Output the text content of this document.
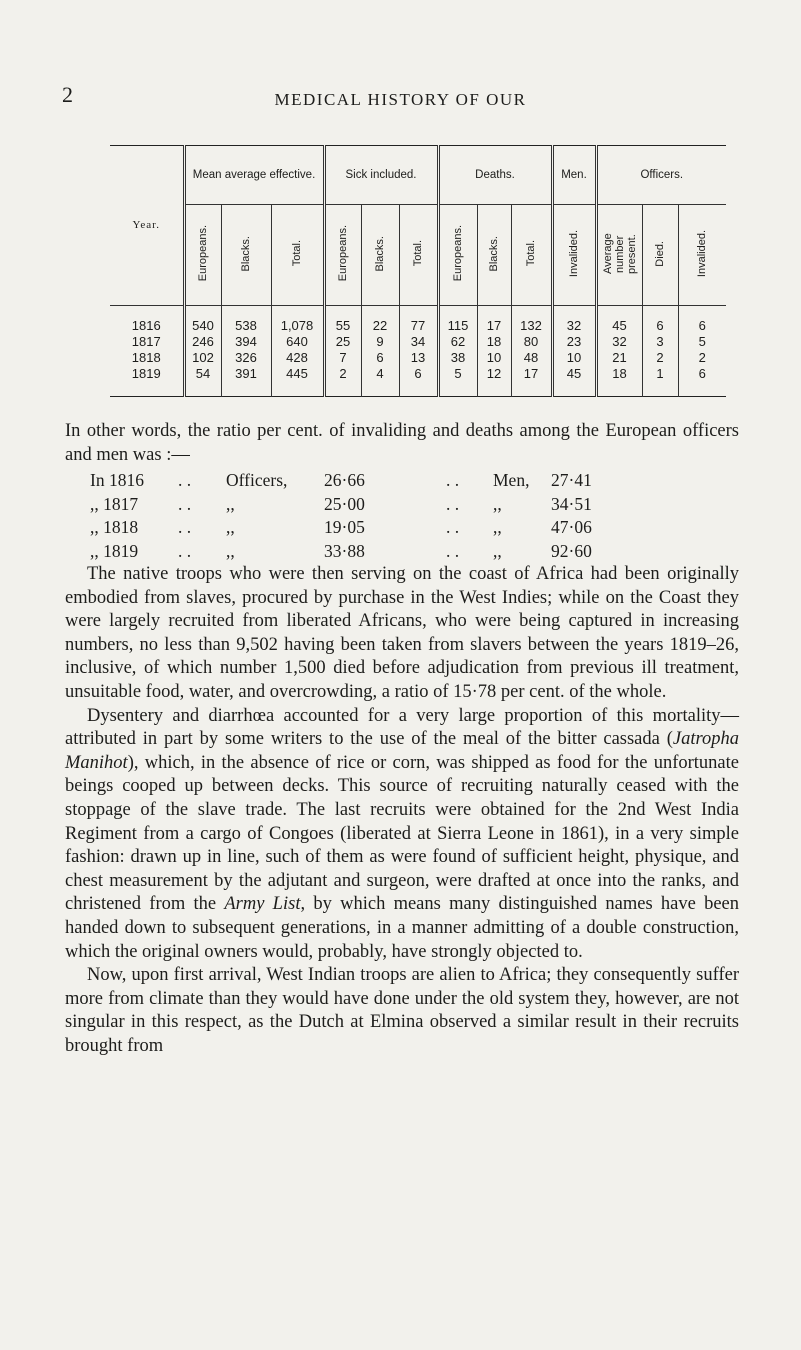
2	MEDICAL HISTORY OF OUR
Year.	Mean average effective.			Sick included.			Deaths.			Men.	Officers.		
	Europeans.	Blacks.	Total.	Europeans.	Blacks.	Total.	Europeans.	Blacks.	Total.	Invalided.	Average number present.	Died.	Invalided.
1816	540	538	1,078	55	22	77	115	17	132	32	45	6	6
1817	246	394	640	25	9	34	62	18	80	23	32	3	5
1818	102	326	428	7	6	13	38	10	48	10	21	2	2
1819	54	391	445	2	4	6	5	12	17	45	18	1	6

In other words, the ratio per cent. of invaliding and deaths among the European officers and men was :—

In 1816 . . Officers, 26·66	. . Men, 27·41
,, 1817 . . ,,	25·00	. . ,,	34·51
,, 1818 . . ,,	19·05	. . ,,	47·06
,, 1819 . . ,,	33·88	. . ,,	92·60

The native troops who were then serving on the coast of Africa had been originally embodied from slaves, procured by purchase in the West Indies; while on the Coast they were largely recruited from liberated Africans, who were being captured in increasing numbers, no less than 9,502 having been taken from slavers between the years 1819–26, inclusive, of which number 1,500 died before adjudication from previous ill treatment, unsuitable food, water, and overcrowding, a ratio of 15·78 per cent. of the whole.

Dysentery and diarrhœa accounted for a very large proportion of this mortality—attributed in part by some writers to the use of the meal of the bitter cassada (Jatropha Manihot), which, in the absence of rice or corn, was shipped as food for the unfortunate beings cooped up between decks. This source of recruiting naturally ceased with the stoppage of the slave trade. The last recruits were obtained for the 2nd West India Regiment from a cargo of Congoes (liberated at Sierra Leone in 1861), in a very simple fashion: drawn up in line, such of them as were found of sufficient height, physique, and chest measurement by the adjutant and surgeon, were drafted at once into the ranks, and christened from the Army List, by which means many distinguished names have been handed down to subsequent generations, in a manner admitting of a double construction, which the original owners would, probably, have strongly objected to.

Now, upon first arrival, West Indian troops are alien to Africa; they consequently suffer more from climate than they would have done under the old system they, however, are not singular in this respect, as the Dutch at Elmina observed a similar result in their recruits brought from
